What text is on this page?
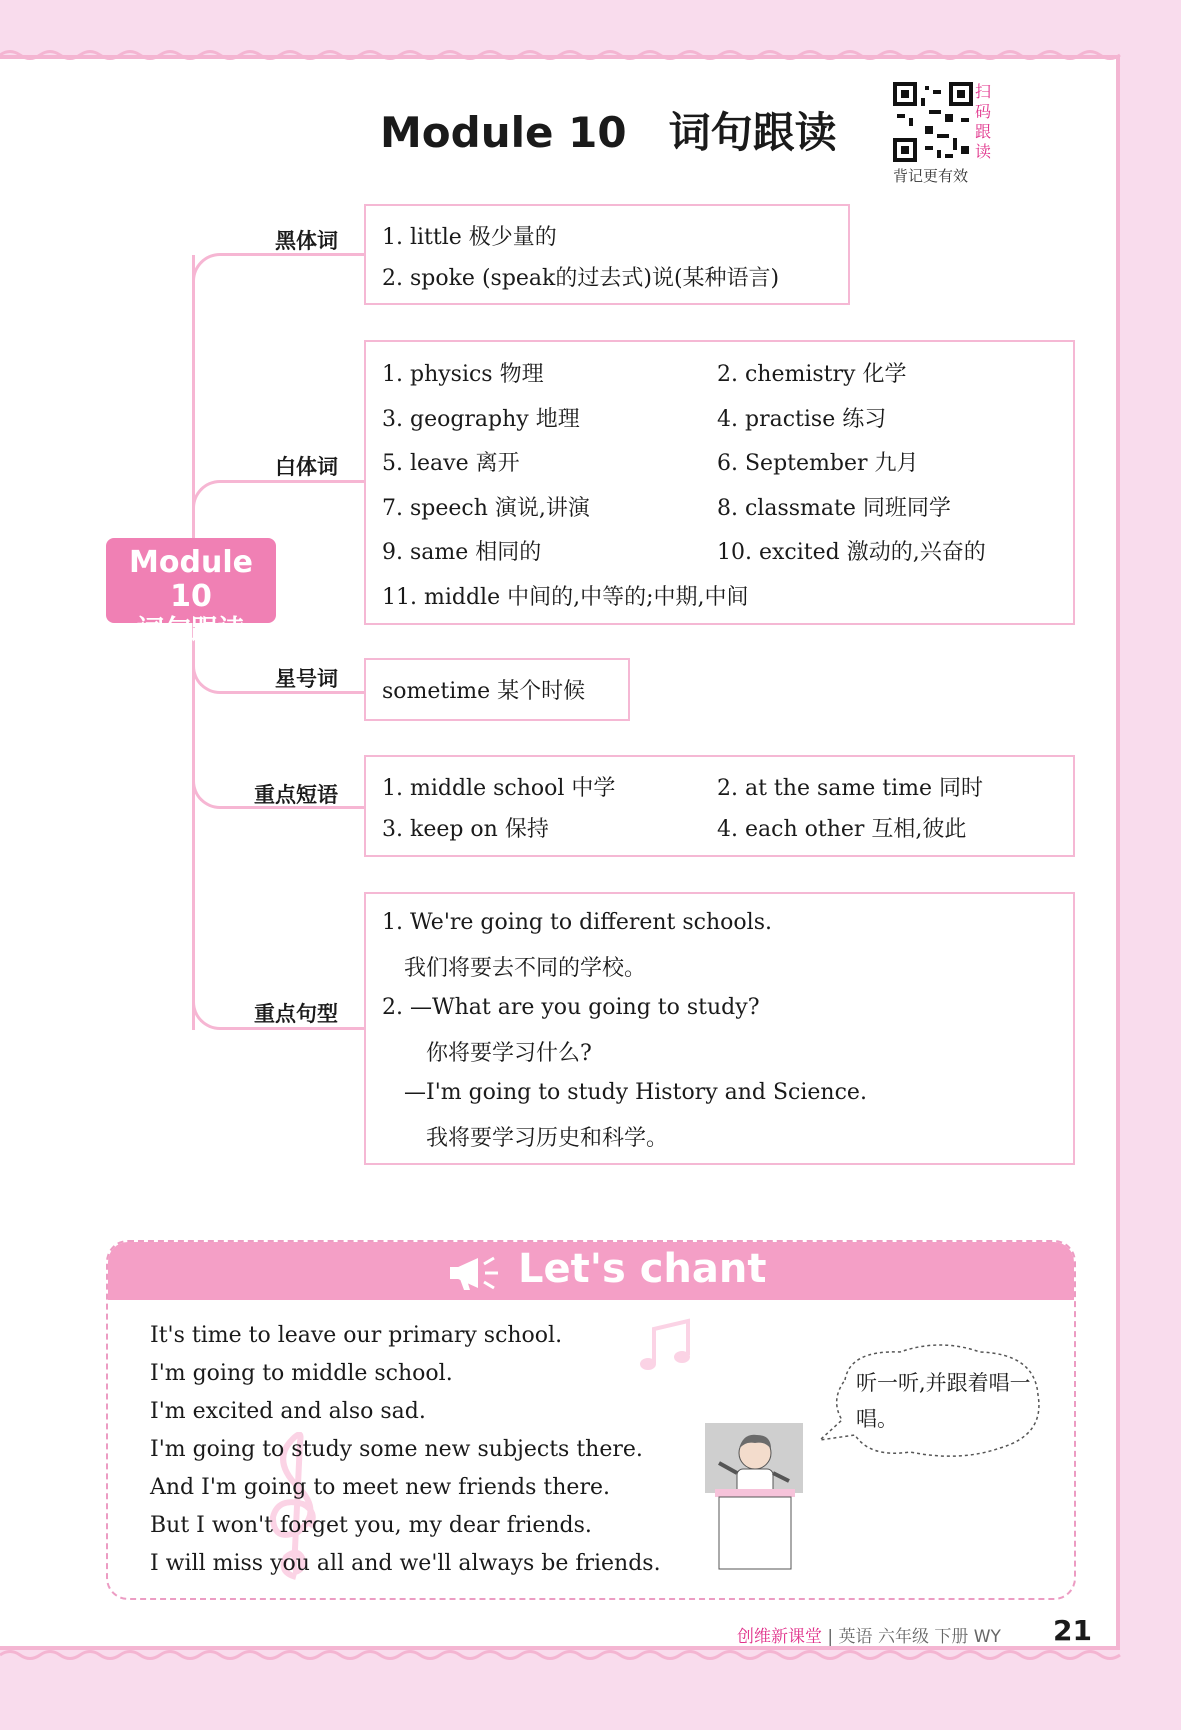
Module 10　词句跟读
扫码跟读
背记更有效
Module 10
词句跟读
黑体词
白体词
星号词
重点短语
重点句型
1. little 极少量的
2. spoke (speak的过去式)说(某种语言)
1. physics 物理	2. chemistry 化学
3. geography 地理	4. practise 练习
5. leave 离开	6. September 九月
7. speech 演说,讲演	8. classmate 同班同学
9. same 相同的	10. excited 激动的,兴奋的
11. middle 中间的,中等的;中期,中间
sometime 某个时候
1. middle school 中学	2. at the same time 同时
3. keep on 保持	4. each other 互相,彼此
1. We're going to different schools.
我们将要去不同的学校。
2. —What are you going to study?
你将要学习什么?
—I'm going to study History and Science.
我将要学习历史和科学。
Let's chant
It's time to leave our primary school.
I'm going to middle school.
I'm excited and also sad.
I'm going to study some new subjects there.
And I'm going to meet new friends there.
But I won't forget you, my dear friends.
I will miss you all and we'll always be friends.
听一听,并跟着唱一唱。
创维新课堂 | 英语 六年级 下册 WY 21
